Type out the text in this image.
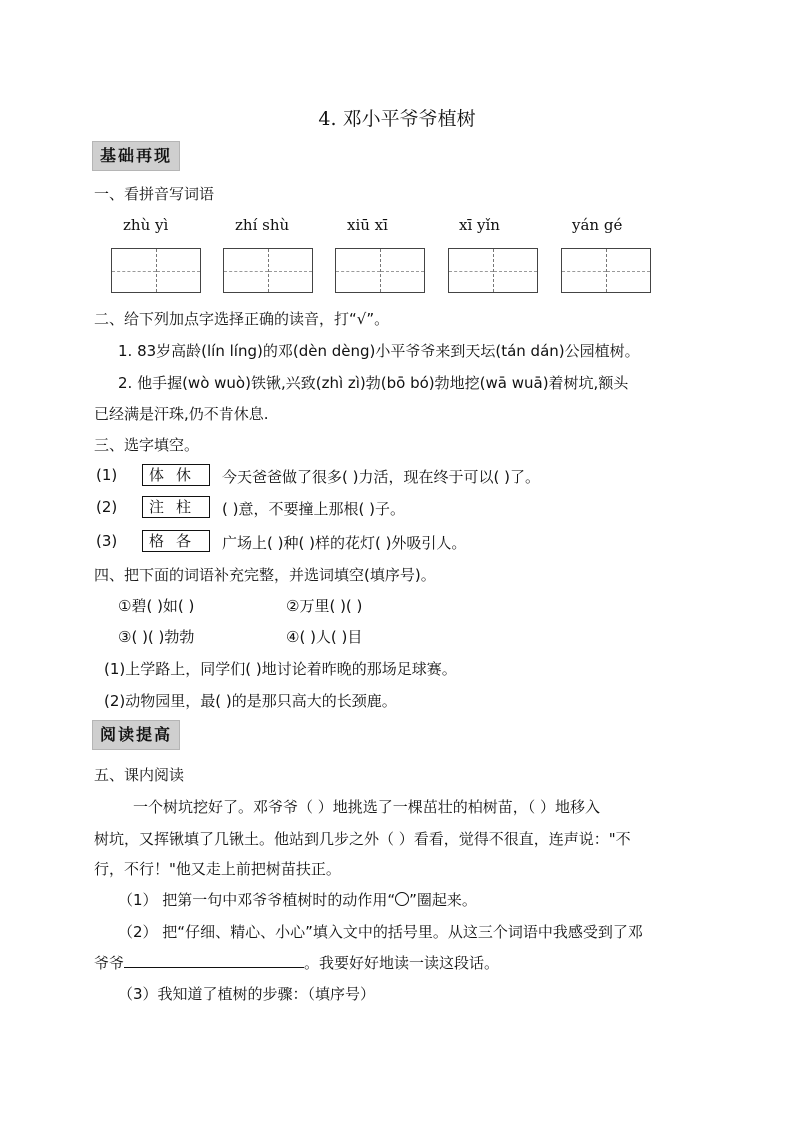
4. 邓小平爷爷植树
基础再现
一、看拼音写词语
zhù yì	zhí shù	xiū xī	xī yǐn	yán gé
二、给下列加点字选择正确的读音，打“√”。
1. 83岁高龄(lín líng)的邓(dèn dèng)小平爷爷来到天坛(tán dán)公园植树。
2. 他手握(wò wuò)铁锹,兴致(zhì zì)勃(bō bó)勃地挖(wā wuā)着树坑,额头
已经满是汗珠,仍不肯休息.
三、选字填空。
(1)	体休	今天爸爸做了很多( )力活，现在终于可以( )了。
(2)	注柱	( )意，不要撞上那根( )子。
(3)	格各	广场上( )种( )样的花灯( )外吸引人。
四、把下面的词语补充完整，并选词填空(填序号)。
①碧( )如( )	②万里( )( )
③( )( )勃勃	④( )人( )目
(1)上学路上，同学们( )地讨论着昨晚的那场足球赛。
(2)动物园里，最( )的是那只高大的长颈鹿。
阅读提高
五、课内阅读
一个树坑挖好了。邓爷爷（ ）地挑选了一棵茁壮的柏树苗，（ ）地移入
树坑，又挥锹填了几锹土。他站到几步之外（ ）看看，觉得不很直，连声说："不
行，不行！"他又走上前把树苗扶正。
（1） 把第一句中邓爷爷植树时的动作用“ ”圈起来。
（2） 把“仔细、精心、小心”填入文中的括号里。从这三个词语中我感受到了邓
爷爷	。我要好好地读一读这段话。
（3）我知道了植树的步骤：（填序号）
